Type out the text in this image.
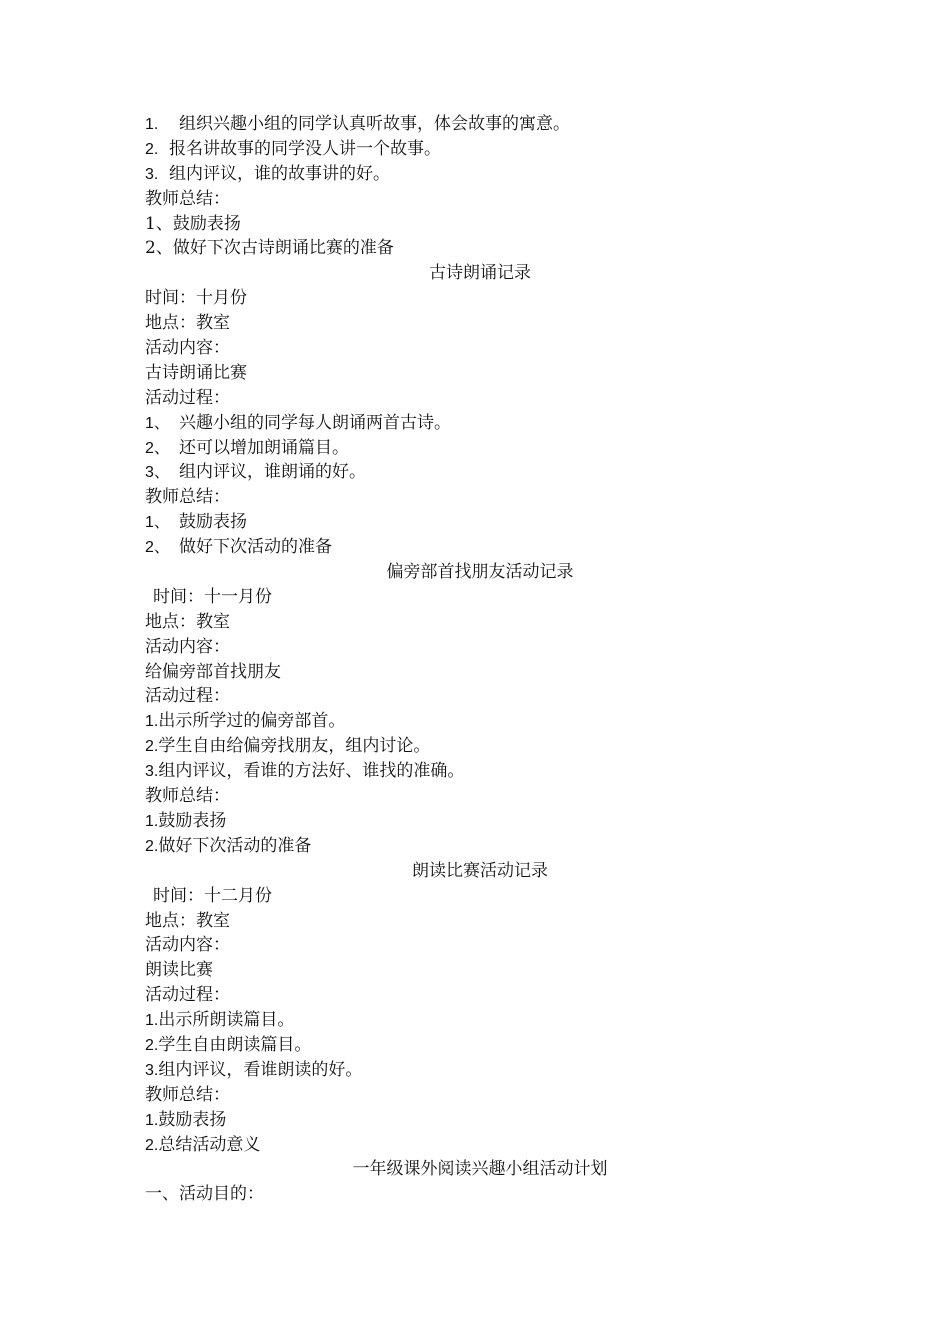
1. 组织兴趣小组的同学认真听故事，体会故事的寓意。
2. 报名讲故事的同学没人讲一个故事。
3. 组内评议，谁的故事讲的好。
教师总结：
1、鼓励表扬
2、做好下次古诗朗诵比赛的准备
古诗朗诵记录
时间：十月份
地点：教室
活动内容：
古诗朗诵比赛
活动过程：
1、 兴趣小组的同学每人朗诵两首古诗。
2、 还可以增加朗诵篇目。
3、 组内评议，谁朗诵的好。
教师总结：
1、 鼓励表扬
2、 做好下次活动的准备
偏旁部首找朋友活动记录
时间：十一月份
地点：教室
活动内容：
给偏旁部首找朋友
活动过程：
1.出示所学过的偏旁部首。
2.学生自由给偏旁找朋友，组内讨论。
3.组内评议，看谁的方法好、谁找的准确。
教师总结：
1.鼓励表扬
2.做好下次活动的准备
朗读比赛活动记录
时间：十二月份
地点：教室
活动内容：
朗读比赛
活动过程：
1.出示所朗读篇目。
2.学生自由朗读篇目。
3.组内评议，看谁朗读的好。
教师总结：
1.鼓励表扬
2.总结活动意义
一年级课外阅读兴趣小组活动计划
一、活动目的：
